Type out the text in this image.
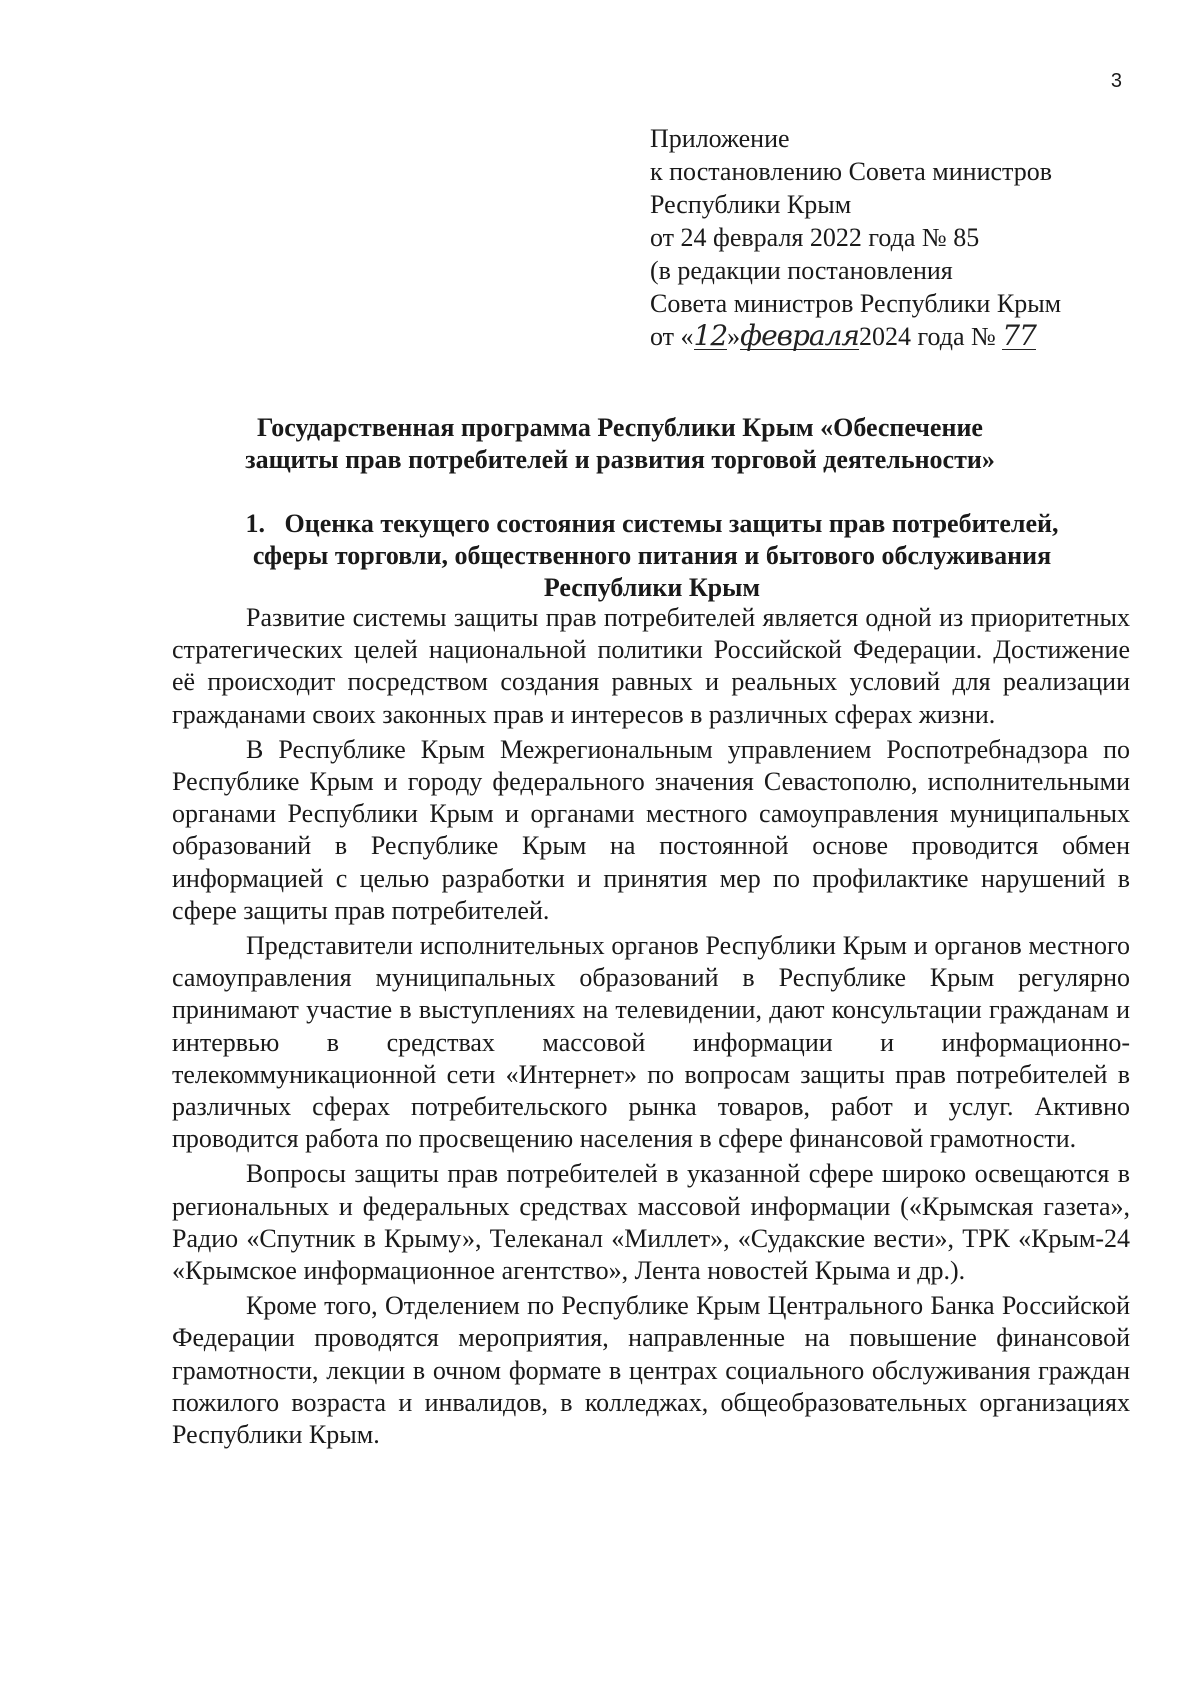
3
Приложение
к постановлению Совета министров
Республики Крым
от 24 февраля 2022 года № 85
(в редакции постановления
Совета министров Республики Крым
от «12»февраля2024 года № 77
Государственная программа Республики Крым «Обеспечение
защиты прав потребителей и развития торговой деятельности»
1.   Оценка текущего состояния системы защиты прав потребителей,
сферы торговли, общественного питания и бытового обслуживания
Республики Крым

Развитие системы защиты прав потребителей является одной из приоритетных стратегических целей национальной политики Российской Федерации. Достижение её происходит посредством создания равных и реальных условий для реализации гражданами своих законных прав и интересов в различных сферах жизни.

В Республике Крым Межрегиональным управлением Роспотребнадзора по Республике Крым и городу федерального значения Севастополю, исполнительными органами Республики Крым и органами местного самоуправления муниципальных образований в Республике Крым на постоянной основе проводится обмен информацией с целью разработки и принятия мер по профилактике нарушений в сфере защиты прав потребителей.

Представители исполнительных органов Республики Крым и органов местного самоуправления муниципальных образований в Республике Крым регулярно принимают участие в выступлениях на телевидении, дают консультации гражданам и интервью в средствах массовой информации и информационно-телекоммуникационной сети «Интернет» по вопросам защиты прав потребителей в различных сферах потребительского рынка товаров, работ и услуг. Активно проводится работа по просвещению населения в сфере финансовой грамотности.

Вопросы защиты прав потребителей в указанной сфере широко освещаются в региональных и федеральных средствах массовой информации («Крымская газета», Радио «Спутник в Крыму», Телеканал «Миллет», «Судакские вести», ТРК «Крым-24 «Крымское информационное агентство», Лента новостей Крыма и др.).

Кроме того, Отделением по Республике Крым Центрального Банка Российской Федерации проводятся мероприятия, направленные на повышение финансовой грамотности, лекции в очном формате в центрах социального обслуживания граждан пожилого возраста и инвалидов, в колледжах, общеобразовательных организациях Республики Крым.
